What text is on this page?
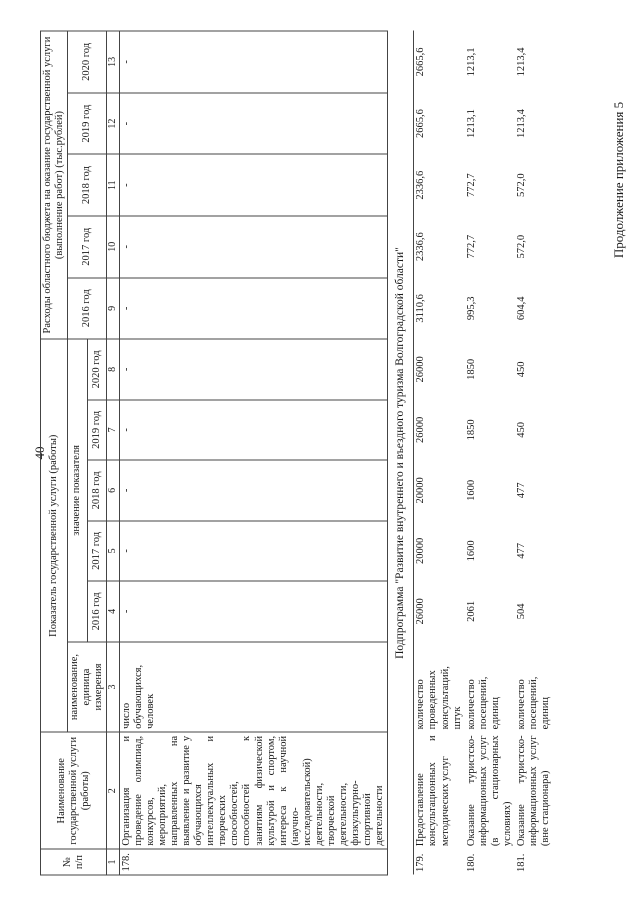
40
Продолжение приложения 5
№ п/п	Наименование государственной услуги (работы)	Показатель государственной услуги (работы)						Расходы областного бюджета на оказание государственной услуги (выполнение работ) (тыс.рублей)				
		наименование, единица измерения	значение показателя					2016 год	2017 год	2018 год	2019 год	2020 год
			2016 год	2017 год	2018 год	2019 год	2020 год					
1	2	3	4	5	6	7	8	9	10	11	12	13
178.	Организация и проведение олимпиад, конкурсов, мероприятий, направленных на выявление и развитие у обучающихся интеллектуальных и творческих способностей, способностей к занятиям физической культурой и спортом, интереса к научной (научно-исследовательской) деятельности, творческой деятельности, физкультурно-спортивной деятельности	число обучающихся, человек	-	-	-	-	-	-	-	-	-	-
Подпрограмма "Развитие внутреннего и въездного туризма Волгоградской области"												
179.	Предоставление консультационных и методических услуг	количество проведенных консультаций, штук	26000	20000	20000	26000	26000	3110,6	2336,6	2336,6	2665,6	2665,6
180.	Оказание туристско-информационных услуг (в стационарных условиях)	количество посещений, единиц	2061	1600	1600	1850	1850	995,3	772,7	772,7	1213,1	1213,1
181.	Оказание туристско-информационных услуг (вне стационара)	количество посещений, единиц	504	477	477	450	450	604,4	572,0	572,0	1213,4	1213,4
